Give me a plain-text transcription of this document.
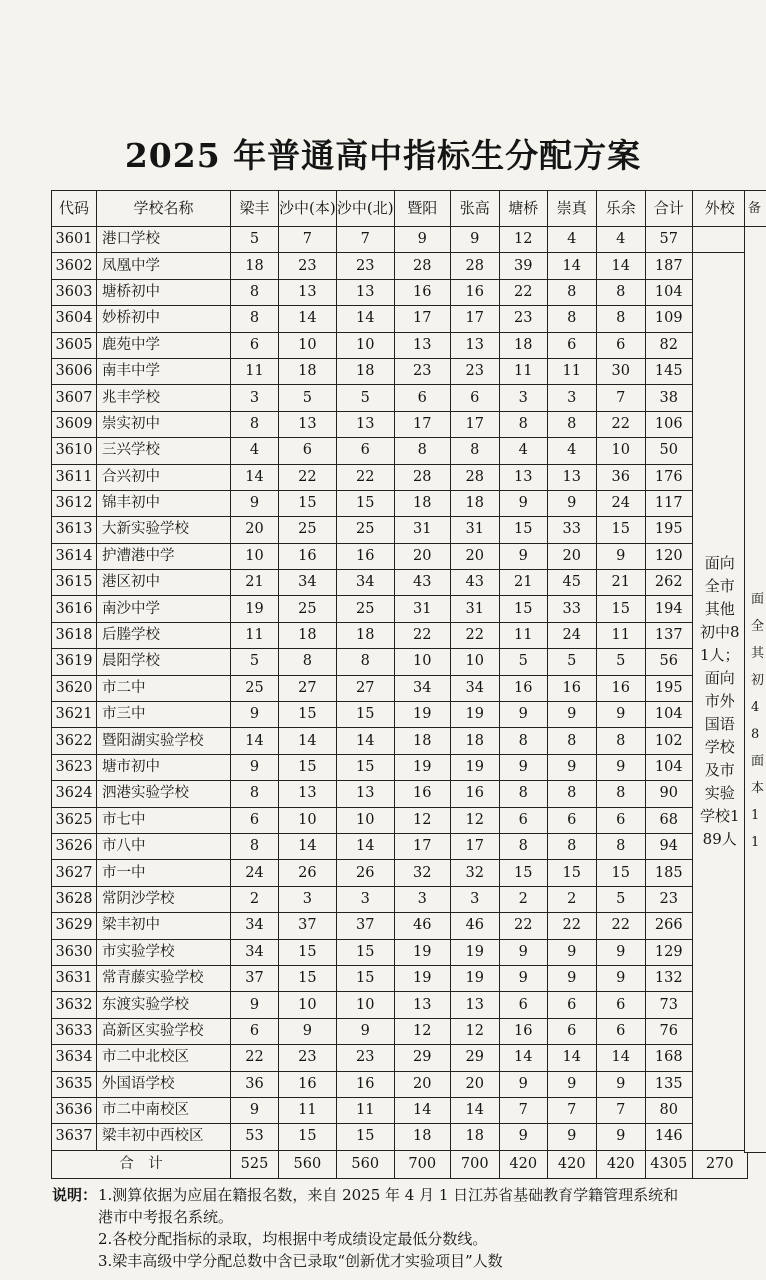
2025 年普通高中指标生分配方案
代码	学校名称	梁丰	沙中(本)	沙中(北)	暨阳	张高	塘桥	崇真	乐余	合计	外校
3601	港口学校	5	7	7	9	9	12	4	4	57	
3602	凤凰中学	18	23	23	28	28	39	14	14	187	面向全市其他初中81人；面向市外国语学校及市实验学校189人

3603	塘桥初中	8	13	13	16	16	22	8	8	104	
3604	妙桥初中	8	14	14	17	17	23	8	8	109	
3605	鹿苑中学	6	10	10	13	13	18	6	6	82	
3606	南丰中学	11	18	18	23	23	11	11	30	145	
3607	兆丰学校	3	5	5	6	6	3	3	7	38	
3609	崇实初中	8	13	13	17	17	8	8	22	106	
3610	三兴学校	4	6	6	8	8	4	4	10	50	
3611	合兴初中	14	22	22	28	28	13	13	36	176	
3612	锦丰初中	9	15	15	18	18	9	9	24	117	
3613	大新实验学校	20	25	25	31	31	15	33	15	195	
3614	护漕港中学	10	16	16	20	20	9	20	9	120	
3615	港区初中	21	34	34	43	43	21	45	21	262	
3616	南沙中学	19	25	25	31	31	15	33	15	194	
3618	后塍学校	11	18	18	22	22	11	24	11	137	
3619	晨阳学校	5	8	8	10	10	5	5	5	56	
3620	市二中	25	27	27	34	34	16	16	16	195	
3621	市三中	9	15	15	19	19	9	9	9	104	
3622	暨阳湖实验学校	14	14	14	18	18	8	8	8	102	
3623	塘市初中	9	15	15	19	19	9	9	9	104	
3624	泗港实验学校	8	13	13	16	16	8	8	8	90	
3625	市七中	6	10	10	12	12	6	6	6	68	
3626	市八中	8	14	14	17	17	8	8	8	94	
3627	市一中	24	26	26	32	32	15	15	15	185	
3628	常阴沙学校	2	3	3	3	3	2	2	5	23	
3629	梁丰初中	34	37	37	46	46	22	22	22	266	
3630	市实验学校	34	15	15	19	19	9	9	9	129	
3631	常青藤实验学校	37	15	15	19	19	9	9	9	132	
3632	东渡实验学校	9	10	10	13	13	6	6	6	73	
3633	高新区实验学校	6	9	9	12	12	16	6	6	76	
3634	市二中北校区	22	23	23	29	29	14	14	14	168	
3635	外国语学校	36	16	16	20	20	9	9	9	135	
3636	市二中南校区	9	11	11	14	14	7	7	7	80	
3637	梁丰初中西校区	53	15	15	18	18	9	9	9	146	
合　计		525	560	560	700	700	420	420	420	4305	270
备
面全其初48面本11
说明： 1.测算依据为应届在籍报名数，来自 2025 年 4 月 1 日江苏省基础教育学籍管理系统和
港市中考报名系统。
2.各校分配指标的录取，均根据中考成绩设定最低分数线。
3.梁丰高级中学分配总数中含已录取“创新优才实验项目”人数
